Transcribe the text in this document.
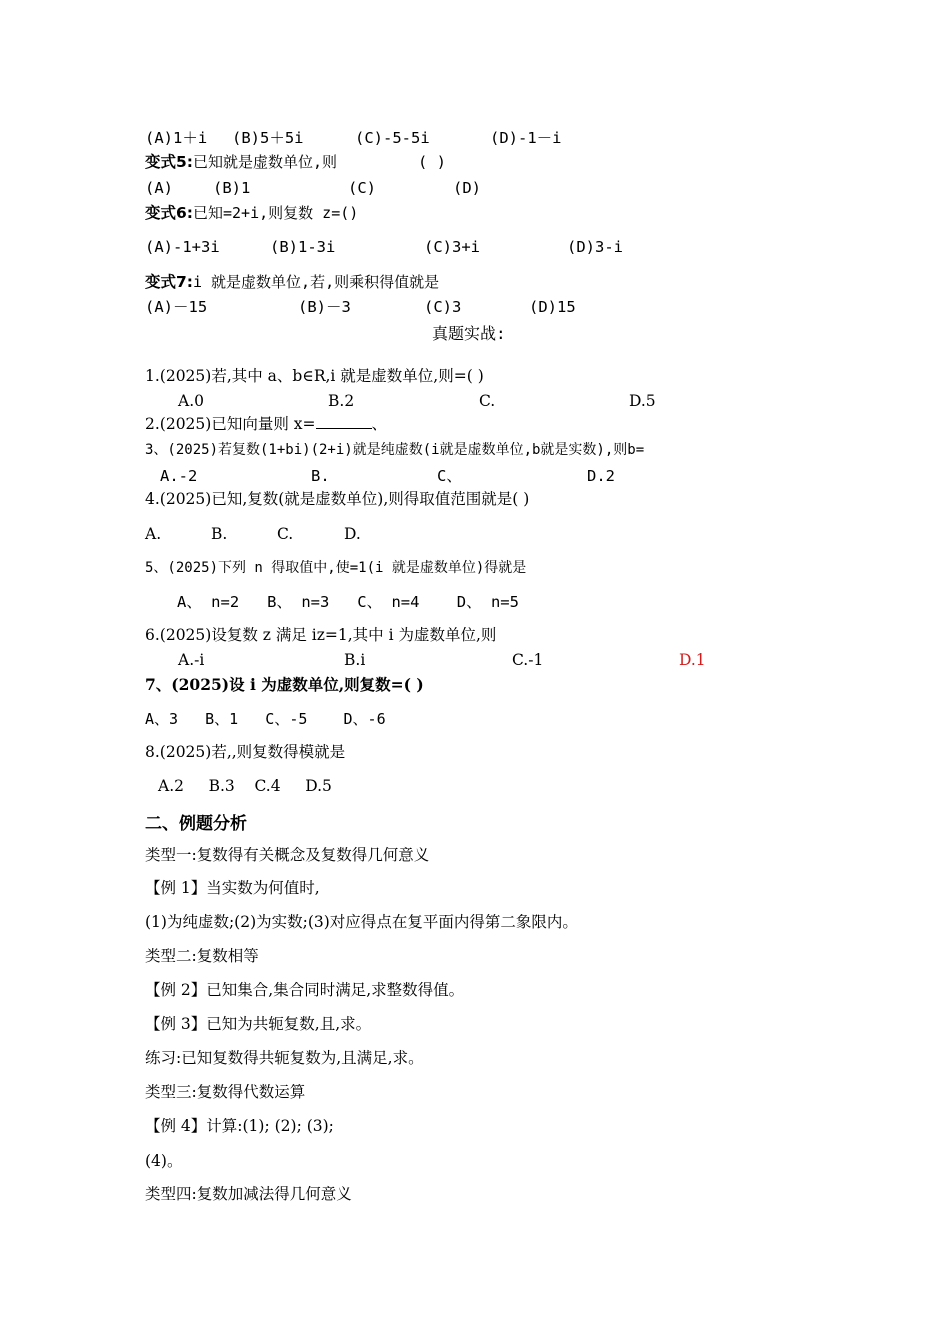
(A)1＋i (B)5＋5i	(C)-5-5i	(D)-1－i
变式5:已知就是虚数单位,则	( )
(A)	(B)1	(C)	(D)
变式6:已知=2+i,则复数 z=()
(A)-1+3i	(B)1-3i	(C)3+i	(D)3-i
变式7:i 就是虚数单位,若,则乘积得值就是
(A)－15	(B)－3	(C)3	(D)15
真题实战:
1.(2025)若,其中 a、b∈R,i 就是虚数单位,则=( )
A.0	B.2	C.	D.5
2.(2025)已知向量则 x=	、
3、(2025)若复数(1+bi)(2+i)就是纯虚数(i就是虚数单位,b就是实数),则b=
A.-2	B.	C、	D.2
4.(2025)已知,复数(就是虚数单位),则得取值范围就是( )
A.	B.	C.	D.
5、(2025)下列 n 得取值中,使=1(i 就是虚数单位)得就是
A、 n=2   B、 n=3   C、 n=4    D、 n=5
6.(2025)设复数 z 满足 iz=1,其中 i 为虚数单位,则
A.-i	B.i	C.-1	D.1
7、(2025)设 i 为虚数单位,则复数=( )
A、3   B、1   C、-5    D、-6
8.(2025)若,,则复数得模就是
A.2     B.3    C.4     D.5
二、例题分析
类型一:复数得有关概念及复数得几何意义
【例 1】当实数为何值时,
(1)为纯虚数;(2)为实数;(3)对应得点在复平面内得第二象限内。
类型二:复数相等
【例 2】已知集合,集合同时满足,求整数得值。
【例 3】已知为共轭复数,且,求。
练习:已知复数得共轭复数为,且满足,求。
类型三:复数得代数运算
【例 4】计算:(1); (2); (3);
(4)。
类型四:复数加减法得几何意义
